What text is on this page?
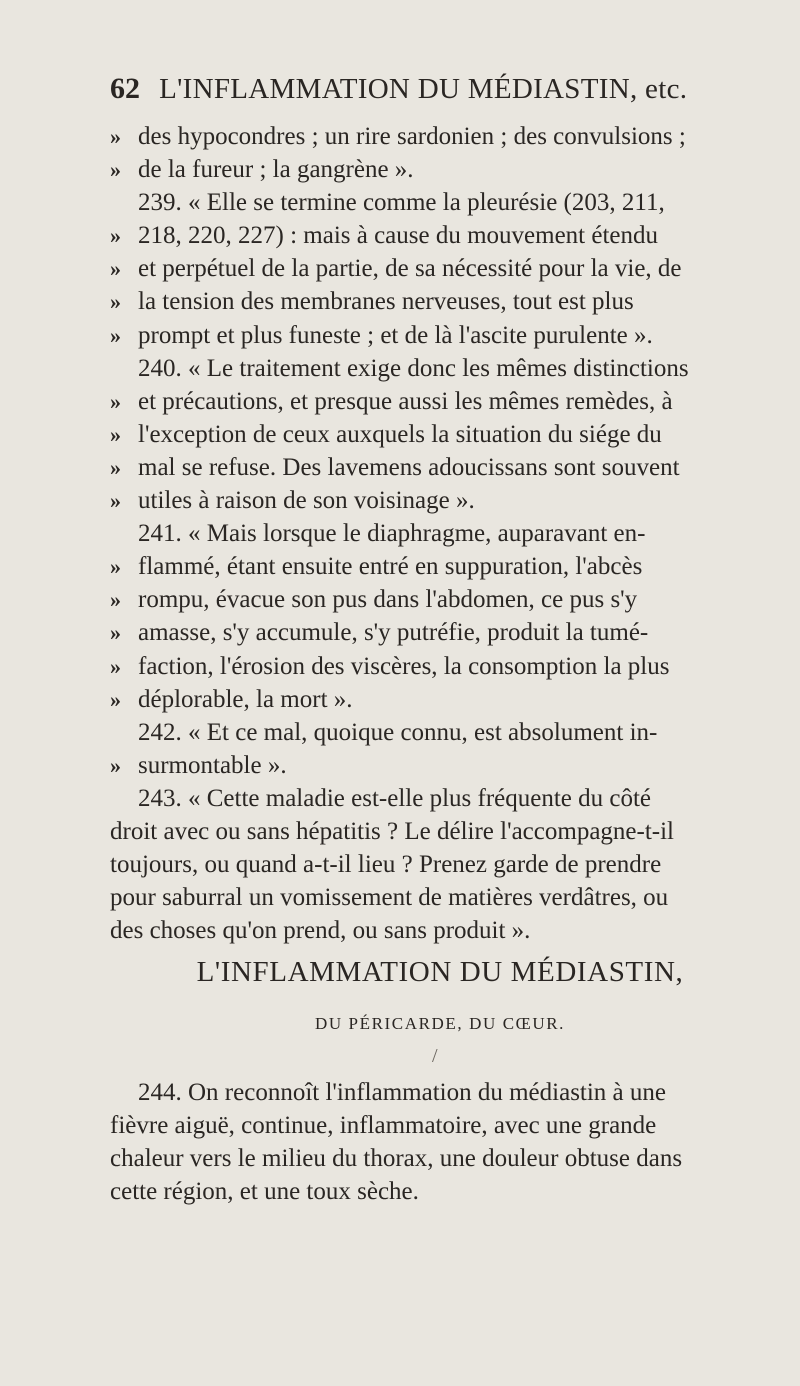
62 L'INFLAMMATION DU MÉDIASTIN, etc.
» des hypocondres ; un rire sardonien ; des convulsions ;
» de la fureur ; la gangrène ».
239. « Elle se termine comme la pleurésie (203, 211,
» 218, 220, 227) : mais à cause du mouvement étendu
» et perpétuel de la partie, de sa nécessité pour la vie, de
» la tension des membranes nerveuses, tout est plus
» prompt et plus funeste ; et de là l'ascite purulente ».
240. « Le traitement exige donc les mêmes distinctions
» et précautions, et presque aussi les mêmes remèdes, à
» l'exception de ceux auxquels la situation du siége du
» mal se refuse. Des lavemens adoucissans sont souvent
» utiles à raison de son voisinage ».
241. « Mais lorsque le diaphragme, auparavant en-
» flammé, étant ensuite entré en suppuration, l'abcès
» rompu, évacue son pus dans l'abdomen, ce pus s'y
» amasse, s'y accumule, s'y putréfie, produit la tumé-
» faction, l'érosion des viscères, la consomption la plus
» déplorable, la mort ».
242. « Et ce mal, quoique connu, est absolument in-
» surmontable ».
243. « Cette maladie est-elle plus fréquente du côté
droit avec ou sans hépatitis ? Le délire l'accompagne-t-il
toujours, ou quand a-t-il lieu ? Prenez garde de prendre
pour saburral un vomissement de matières verdâtres, ou
des choses qu'on prend, ou sans produit ».
L'INFLAMMATION DU MÉDIASTIN,
DU PÉRICARDE, DU CŒUR.
/
244. On reconnoît l'inflammation du médiastin à une
fièvre aiguë, continue, inflammatoire, avec une grande
chaleur vers le milieu du thorax, une douleur obtuse dans
cette région, et une toux sèche.
